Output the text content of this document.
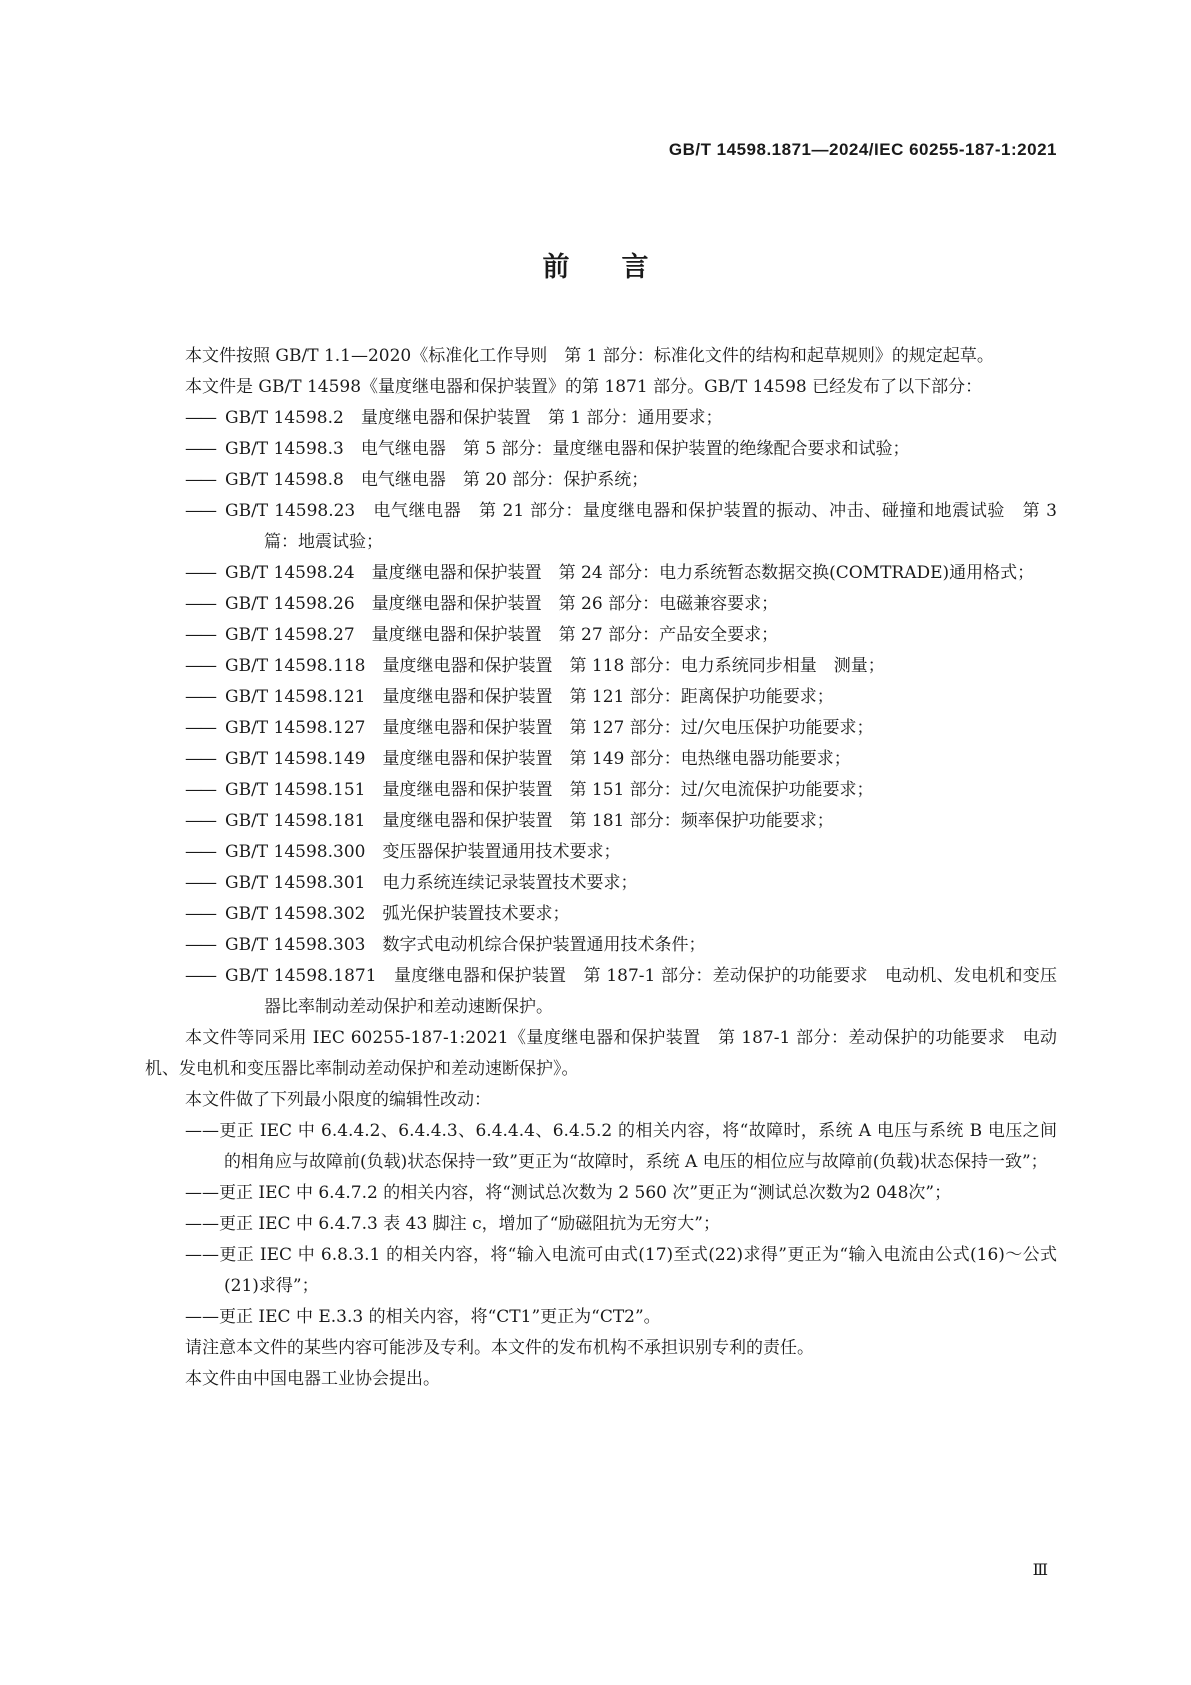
GB/T 14598.1871—2024/IEC 60255-187-1:2021
前言

本文件按照 GB/T 1.1—2020《标准化工作导则　第 1 部分：标准化文件的结构和起草规则》的规定起草。

本文件是 GB/T 14598《量度继电器和保护装置》的第 1871 部分。GB/T 14598 已经发布了以下部分：

—— GB/T 14598.2　量度继电器和保护装置　第 1 部分：通用要求；

—— GB/T 14598.3　电气继电器　第 5 部分：量度继电器和保护装置的绝缘配合要求和试验；

—— GB/T 14598.8　电气继电器　第 20 部分：保护系统；

—— GB/T 14598.23　电气继电器　第 21 部分：量度继电器和保护装置的振动、冲击、碰撞和地震试验　第 3 篇：地震试验；

—— GB/T 14598.24　量度继电器和保护装置　第 24 部分：电力系统暂态数据交换(COMTRADE)通用格式；

—— GB/T 14598.26　量度继电器和保护装置　第 26 部分：电磁兼容要求；

—— GB/T 14598.27　量度继电器和保护装置　第 27 部分：产品安全要求；

—— GB/T 14598.118　量度继电器和保护装置　第 118 部分：电力系统同步相量　测量；

—— GB/T 14598.121　量度继电器和保护装置　第 121 部分：距离保护功能要求；

—— GB/T 14598.127　量度继电器和保护装置　第 127 部分：过/欠电压保护功能要求；

—— GB/T 14598.149　量度继电器和保护装置　第 149 部分：电热继电器功能要求；

—— GB/T 14598.151　量度继电器和保护装置　第 151 部分：过/欠电流保护功能要求；

—— GB/T 14598.181　量度继电器和保护装置　第 181 部分：频率保护功能要求；

—— GB/T 14598.300　变压器保护装置通用技术要求；

—— GB/T 14598.301　电力系统连续记录装置技术要求；

—— GB/T 14598.302　弧光保护装置技术要求；

—— GB/T 14598.303　数字式电动机综合保护装置通用技术条件；

—— GB/T 14598.1871　量度继电器和保护装置　第 187-1 部分：差动保护的功能要求　电动机、发电机和变压器比率制动差动保护和差动速断保护。

本文件等同采用 IEC 60255-187-1:2021《量度继电器和保护装置　第 187-1 部分：差动保护的功能要求　电动机、发电机和变压器比率制动差动保护和差动速断保护》。

本文件做了下列最小限度的编辑性改动：

——更正 IEC 中 6.4.4.2、6.4.4.3、6.4.4.4、6.4.5.2 的相关内容，将“故障时，系统 A 电压与系统 B 电压之间的相角应与故障前(负载)状态保持一致”更正为“故障时，系统 A 电压的相位应与故障前(负载)状态保持一致”；

——更正 IEC 中 6.4.7.2 的相关内容，将“测试总次数为 2 560 次”更正为“测试总次数为2 048次”；

——更正 IEC 中 6.4.7.3 表 43 脚注 c，增加了“励磁阻抗为无穷大”；

——更正 IEC 中 6.8.3.1 的相关内容，将“输入电流可由式(17)至式(22)求得”更正为“输入电流由公式(16)～公式(21)求得”；

——更正 IEC 中 E.3.3 的相关内容，将“CT1”更正为“CT2”。

请注意本文件的某些内容可能涉及专利。本文件的发布机构不承担识别专利的责任。

本文件由中国电器工业协会提出。

Ⅲ
